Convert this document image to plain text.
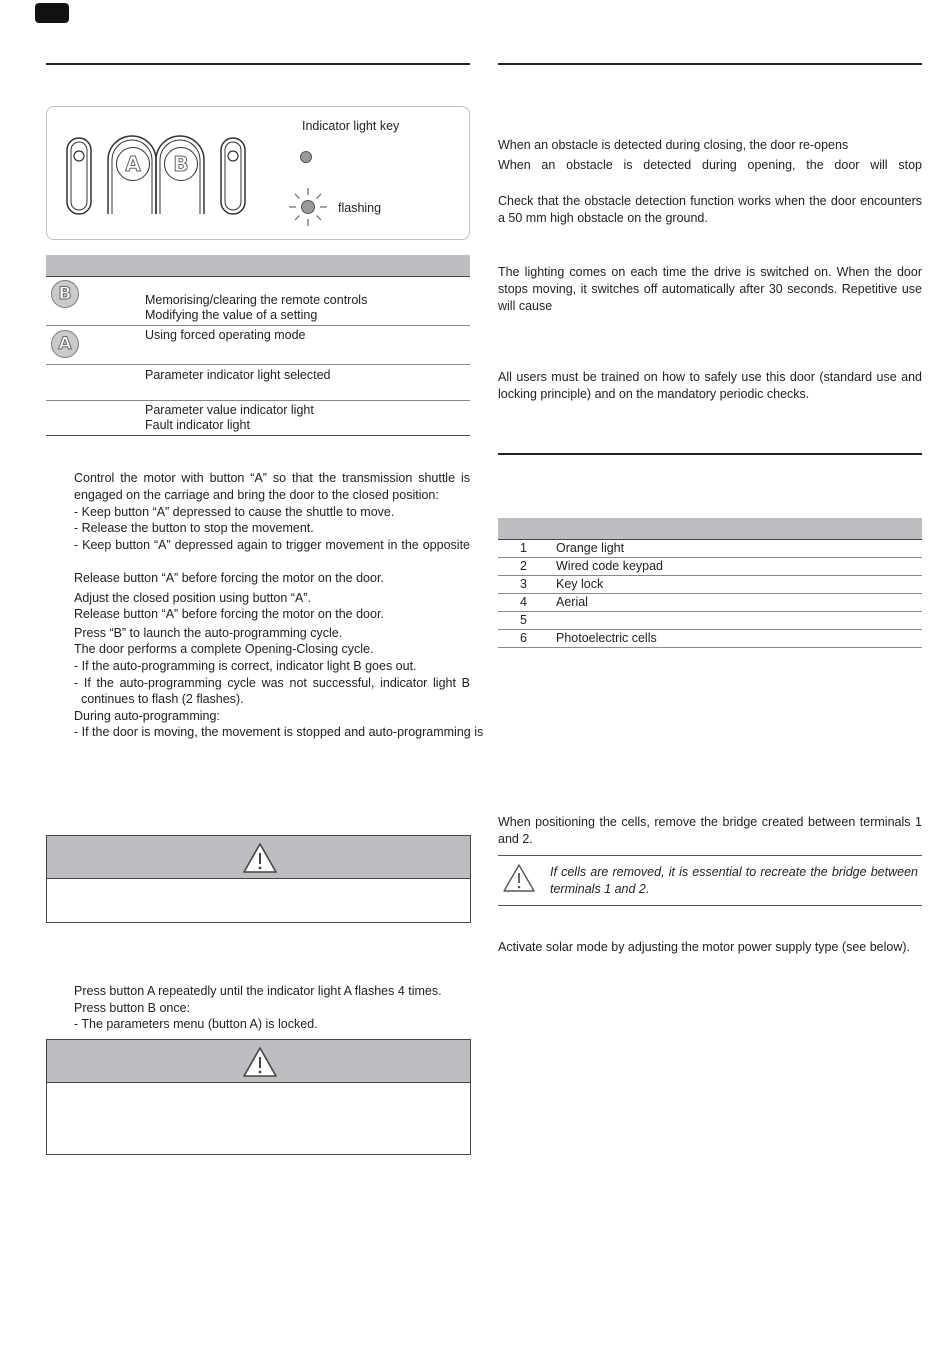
A	B
Indicator light key
flashing
B	Memorising/clearing the remote controls
Modifying the value of a setting
A	Using forced operating mode
Parameter indicator light selected
Parameter value indicator light
Fault indicator light
Control the motor with button “A” so that the transmission shuttle is
engaged on the carriage and bring the door to the closed position:
- Keep button “A” depressed to cause the shuttle to move.
- Release the button to stop the movement.
- Keep button “A” depressed again to trigger movement in the opposite
Release button “A” before forcing the motor on the door.
Adjust the closed position using button “A”.
Release button “A” before forcing the motor on the door.
Press “B” to launch the auto-programming cycle.
The door performs a complete Opening-Closing cycle.
- If the auto-programming is correct, indicator light B goes out.
- If the auto-programming cycle was not successful, indicator light B
continues to flash (2 flashes).
During auto-programming:
- If the door is moving, the movement is stopped and auto-programming is
Press button A repeatedly until the indicator light A flashes 4 times.
Press button B once:
- The parameters menu (button A) is locked.
When an obstacle is detected during closing, the door re-opens
When an obstacle is detected during opening, the door will stop
Check that the obstacle detection function works when the door encounters a 50 mm high obstacle on the ground.
The lighting comes on each time the drive is switched on. When the door stops moving, it switches off automatically after 30 seconds. Repetitive use will cause
All users must be trained on how to safely use this door (standard use and locking principle) and on the mandatory periodic checks.
1 Orange light
2 Wired code keypad
3 Key lock
4 Aerial
5
6 Photoelectric cells
When positioning the cells, remove the bridge created between terminals 1 and 2.
If cells are removed, it is essential to recreate the bridge between terminals 1 and 2.
Activate solar mode by adjusting the motor power supply type (see below).
